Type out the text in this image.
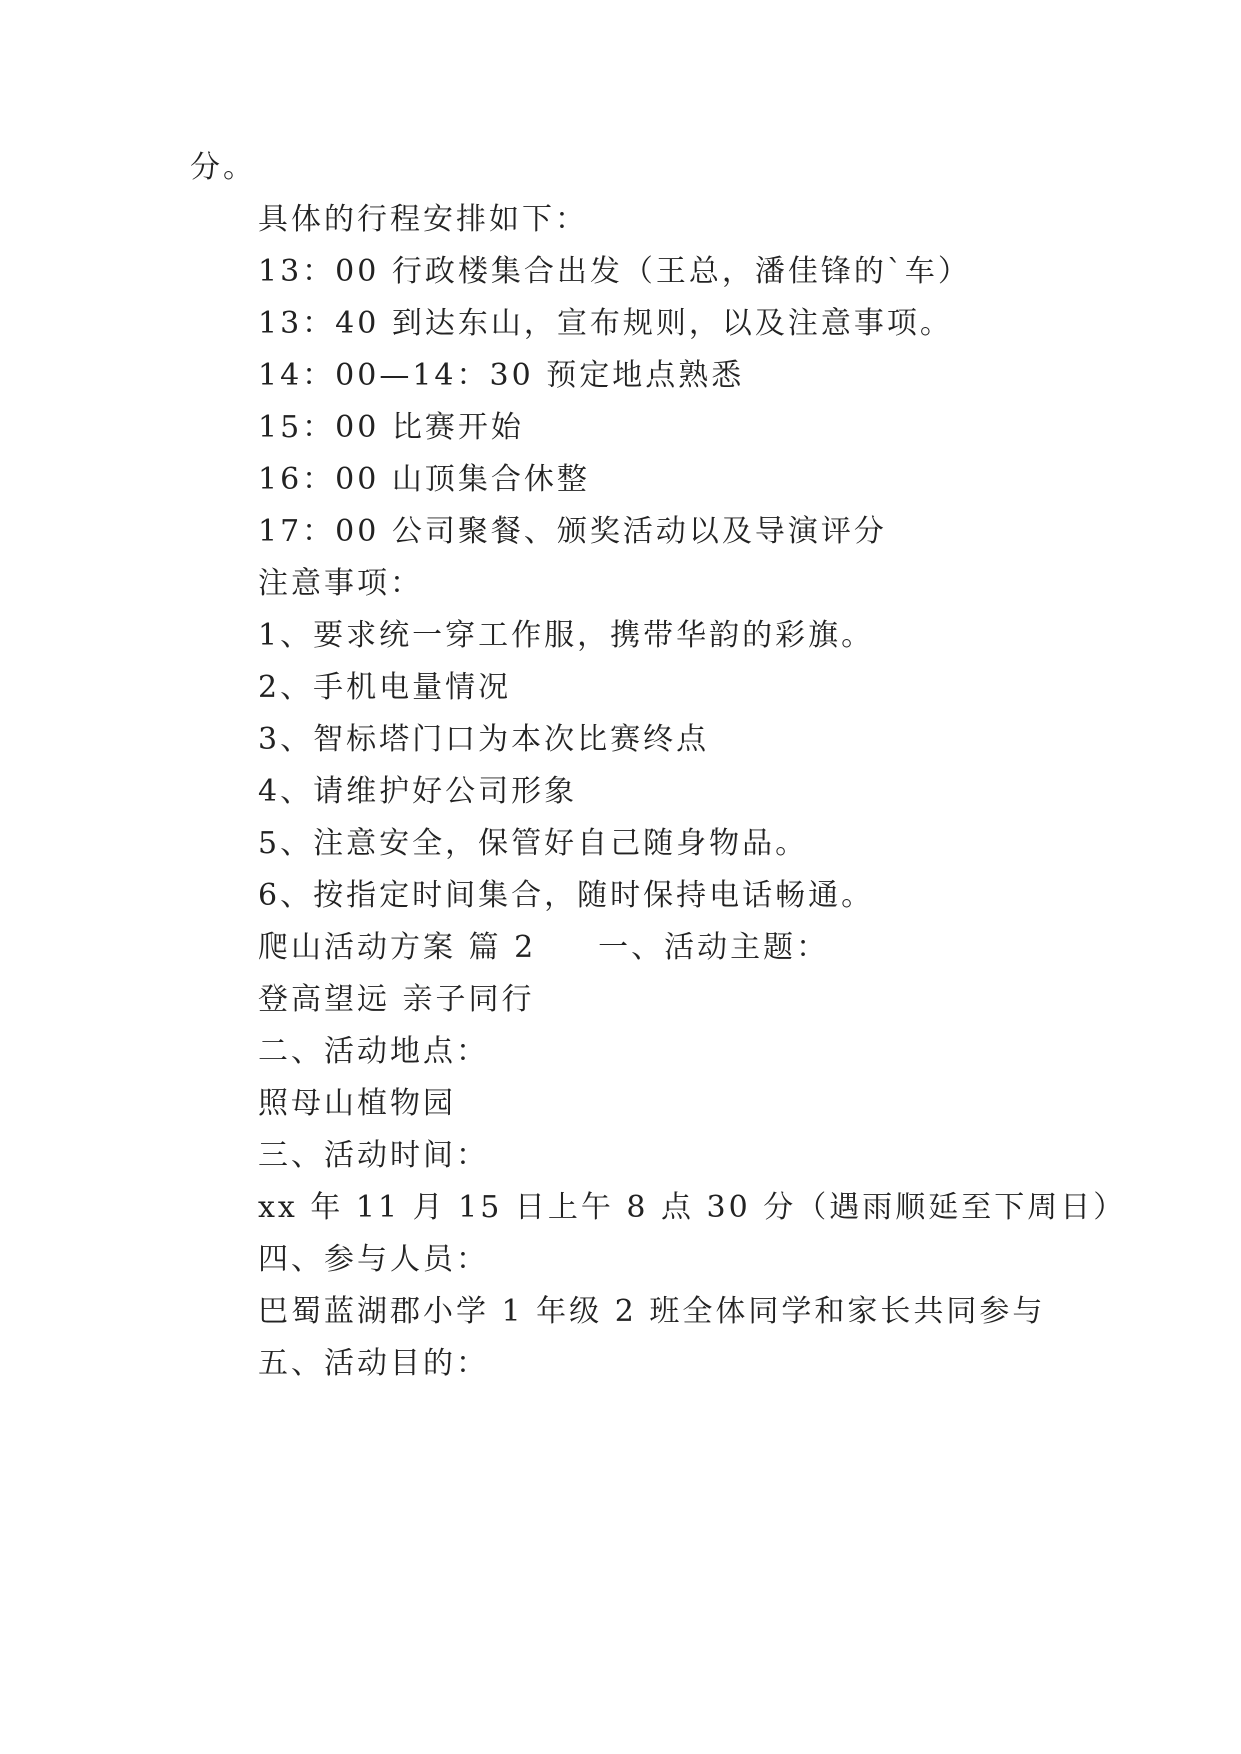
分。
具体的行程安排如下：
13：00 行政楼集合出发（王总，潘佳锋的`车）
13：40 到达东山，宣布规则，以及注意事项。
14：00—14：30 预定地点熟悉
15：00 比赛开始
16：00 山顶集合休整
17：00 公司聚餐、颁奖活动以及导演评分
注意事项：
1、要求统一穿工作服，携带华韵的彩旗。
2、手机电量情况
3、智标塔门口为本次比赛终点
4、请维护好公司形象
5、注意安全，保管好自己随身物品。
6、按指定时间集合，随时保持电话畅通。
爬山活动方案 篇 2 一、活动主题：
登高望远 亲子同行
二、活动地点：
照母山植物园
三、活动时间：
xx 年 11 月 15 日上午 8 点 30 分（遇雨顺延至下周日）
四、参与人员：
巴蜀蓝湖郡小学 1 年级 2 班全体同学和家长共同参与
五、活动目的：
